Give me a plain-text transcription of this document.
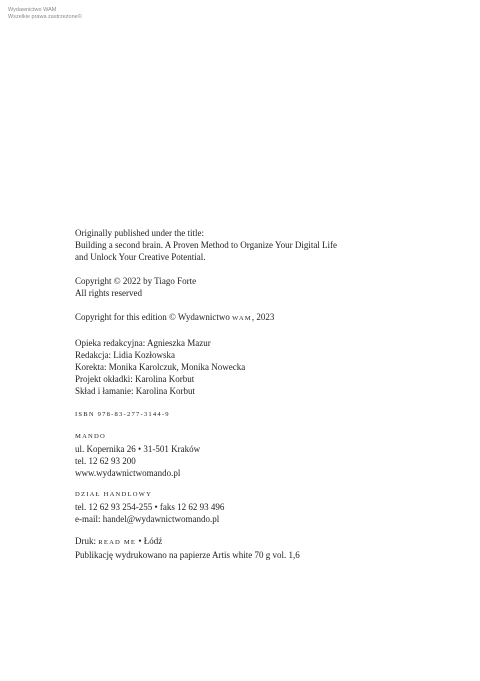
Wydawnictwo WAM
Wszelkie prawa zastrzeżone©

Originally published under the title:

Building a second brain. A Proven Method to Organize Your Digital Life

and Unlock Your Creative Potential.

Copyright © 2022 by Tiago Forte

All rights reserved

Copyright for this edition © Wydawnictwo WAM, 2023

Opieka redakcyjna: Agnieszka Mazur

Redakcja: Lidia Kozłowska

Korekta: Monika Karolczuk, Monika Nowecka

Projekt okładki: Karolina Korbut

Skład i łamanie: Karolina Korbut

ISBN 978-83-277-3144-9

MANDO

ul. Kopernika 26 • 31-501 Kraków

tel. 12 62 93 200

www.wydawnictwomando.pl

DZIAŁ HANDLOWY

tel. 12 62 93 254-255 • faks 12 62 93 496

e-mail: handel@wydawnictwomando.pl

Druk: READ ME • Łódź

Publikację wydrukowano na papierze Artis white 70 g vol. 1,6
